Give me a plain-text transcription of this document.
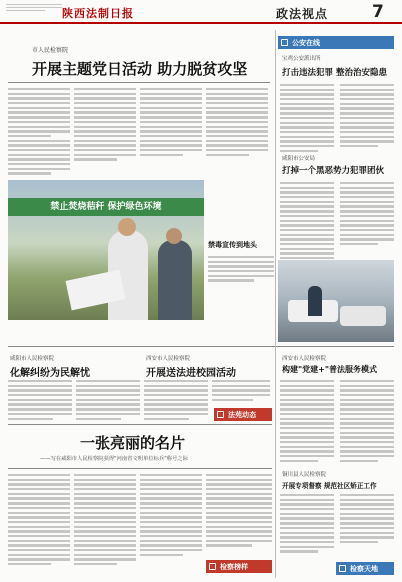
陕西法制日报	政法视点	7
市人民检察院
开展主题党日活动 助力脱贫攻坚
禁止焚烧秸秆 保护绿色环境
禁毒宣传到地头
公安在线
宝鸡公安派出所
打击违法犯罪 整治治安隐患
咸阳市公安局
打掉一个黑恶势力犯罪团伙
咸阳市人民检察院
化解纠纷为民解忧
西安市人民检察院
开展送法进校园活动
法苑动态
西安市人民检察院
构建"党建+"普法服务模式
一张亮丽的名片
——写在咸阳市人民检察院获得"河南省文明单位标兵"称号之际
检察榜样
铜川县人民检察院
开展专项督察 规范社区矫正工作
检察天地
